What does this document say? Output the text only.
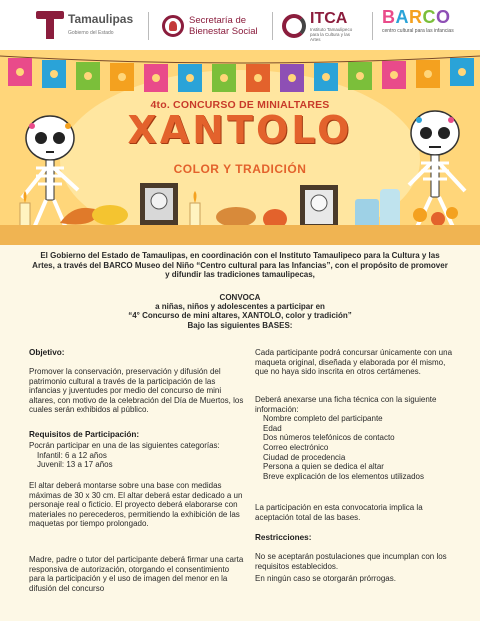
Tamaulipas
Gobierno del Estado
Secretaría de Bienestar Social
ITCA
Instituto Tamaulipeco para la Cultura y las Artes
BARCO
centro cultural para las infancias
4to. CONCURSO DE MINIALTARES
XANTOLO
COLOR Y TRADICIÓN
El Gobierno del Estado de Tamaulipas, en coordinación con el Instituto Tamaulipeco para la Cultura y las Artes, a través del BARCO Museo del Niño “Centro cultural para las Infancias”, con el propósito de promover y difundir las tradiciones tamaulipecas,
CONVOCA
a niñas, niños y adolescentes a participar en
“4° Concurso de mini altares, XANTOLO, color y tradición”
Bajo las siguientes BASES:
Objetivo:
Promover la conservación, preservación y difusión del patrimonio cultural a través de la participación de las infancias y juventudes por medio del concurso de mini altares, con motivo de la celebración del Día de Muertos, los cuales serán exhibidos al público.
Requisitos de Participación:
Pocrán participar en una de las siguientes categorías:
Infantil: 6 a 12 años
Juvenil: 13 a 17 años
El altar deberá montarse sobre una base con medidas máximas de 30 x 30 cm. El altar deberá estar dedicado a un personaje real o ficticio. El proyecto deberá elaborarse con materiales no perecederos, permitiendo la exhibición de las maquetas por tiempo prolongado.
Madre, padre o tutor del participante deberá firmar una carta responsiva de autorización, otorgando el consentimiento para la participación y el uso de imagen del menor en la difusión del concurso
Cada participante podrá concursar únicamente con una maqueta original, diseñada y elaborada por él mismo, que no haya sido inscrita en otros certámenes.
Deberá anexarse una ficha técnica con la siguiente información:
Nombre completo del participante
Edad
Dos números telefónicos de contacto
Correo electrónico
Ciudad de procedencia
Persona a quien se dedica el altar
Breve explicación de los elementos utilizados
La participación en esta convocatoria implica la aceptación total de las bases.
Restricciones:
No se aceptarán postulaciones que incumplan con los requisitos establecidos.
En ningún caso se otorgarán prórrogas.
